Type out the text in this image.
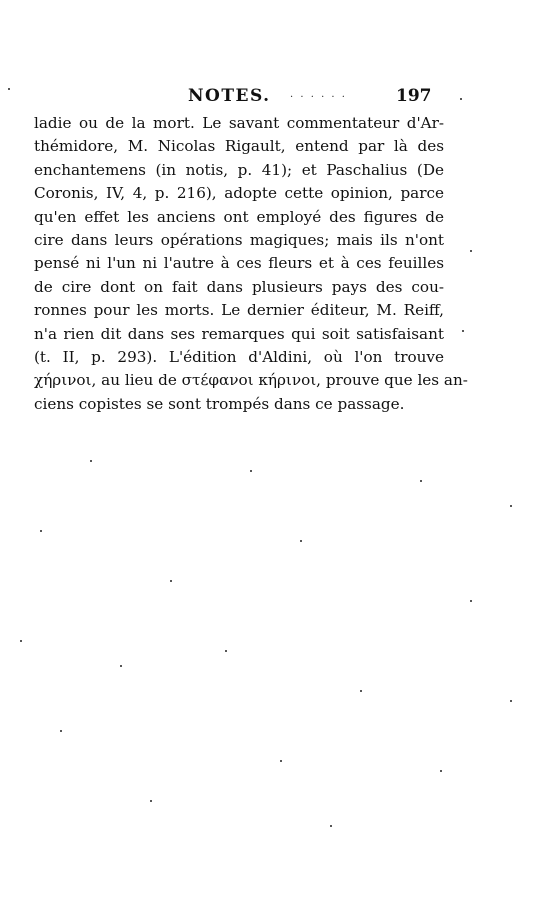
NOTES. · · · · · ·	197
ladie ou de la mort. Le savant commentateur d'Ar-
thémidore, M. Nicolas Rigault, entend par là des
enchantemens (in notis, p. 41); et Paschalius (De
Coronis, IV, 4, p. 216), adopte cette opinion, parce
qu'en effet les anciens ont employé des figures de
cire dans leurs opérations magiques; mais ils n'ont
pensé ni l'un ni l'autre à ces fleurs et à ces feuilles
de cire dont on fait dans plusieurs pays des cou-
ronnes pour les morts. Le dernier éditeur, M. Reiff,
n'a rien dit dans ses remarques qui soit satisfaisant
(t. II, p. 293). L'édition d'Aldini, où l'on trouve
χήρινοι, au lieu de στέφανοι κήρινοι, prouve que les an-
ciens copistes se sont trompés dans ce passage.
